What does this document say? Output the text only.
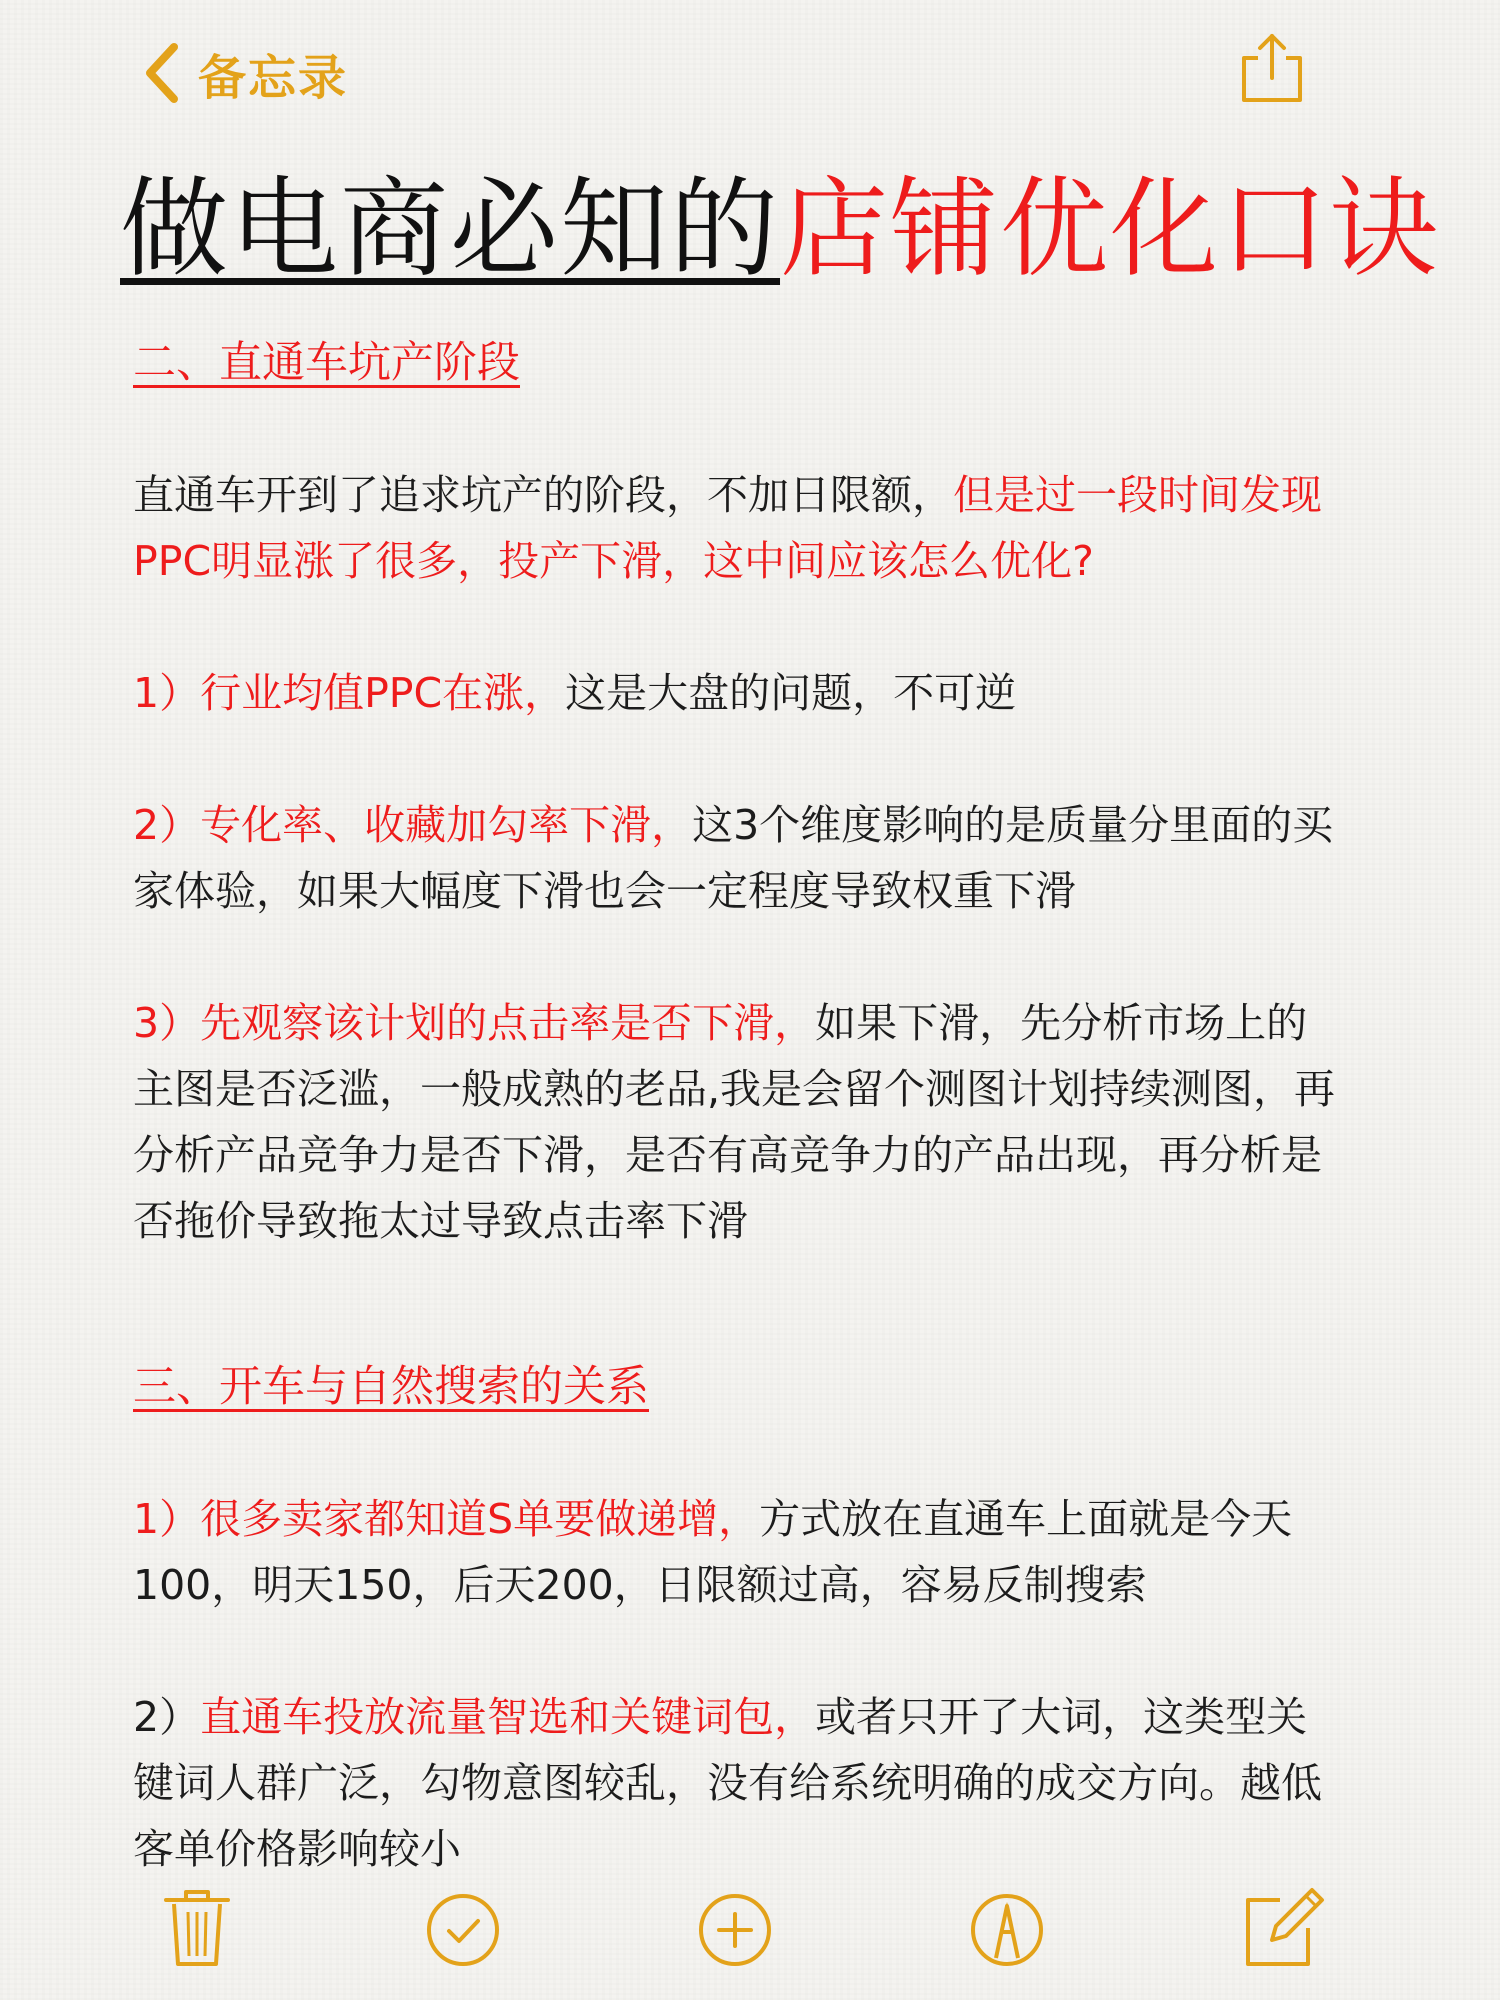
备忘录
做电商必知的店铺优化口诀
二、直通车坑产阶段

直通车开到了追求坑产的阶段，不加日限额，但是过一段时间发现PPC明显涨了很多，投产下滑，这中间应该怎么优化?

1）行业均值PPC在涨，这是大盘的问题，不可逆

2）专化率、收藏加勾率下滑，这3个维度影响的是质量分里面的买家体验，如果大幅度下滑也会一定程度导致权重下滑

3）先观察该计划的点击率是否下滑，如果下滑，先分析市场上的主图是否泛滥，一般成熟的老品,我是会留个测图计划持续测图，再分析产品竞争力是否下滑，是否有高竞争力的产品出现，再分析是否拖价导致拖太过导致点击率下滑

三、开车与自然搜索的关系

1）很多卖家都知道S单要做递增，方式放在直通车上面就是今天100，明天150，后天200，日限额过高，容易反制搜索

2）直通车投放流量智选和关键词包，或者只开了大词，这类型关键词人群广泛，勾物意图较乱，没有给系统明确的成交方向。越低客单价格影响较小
